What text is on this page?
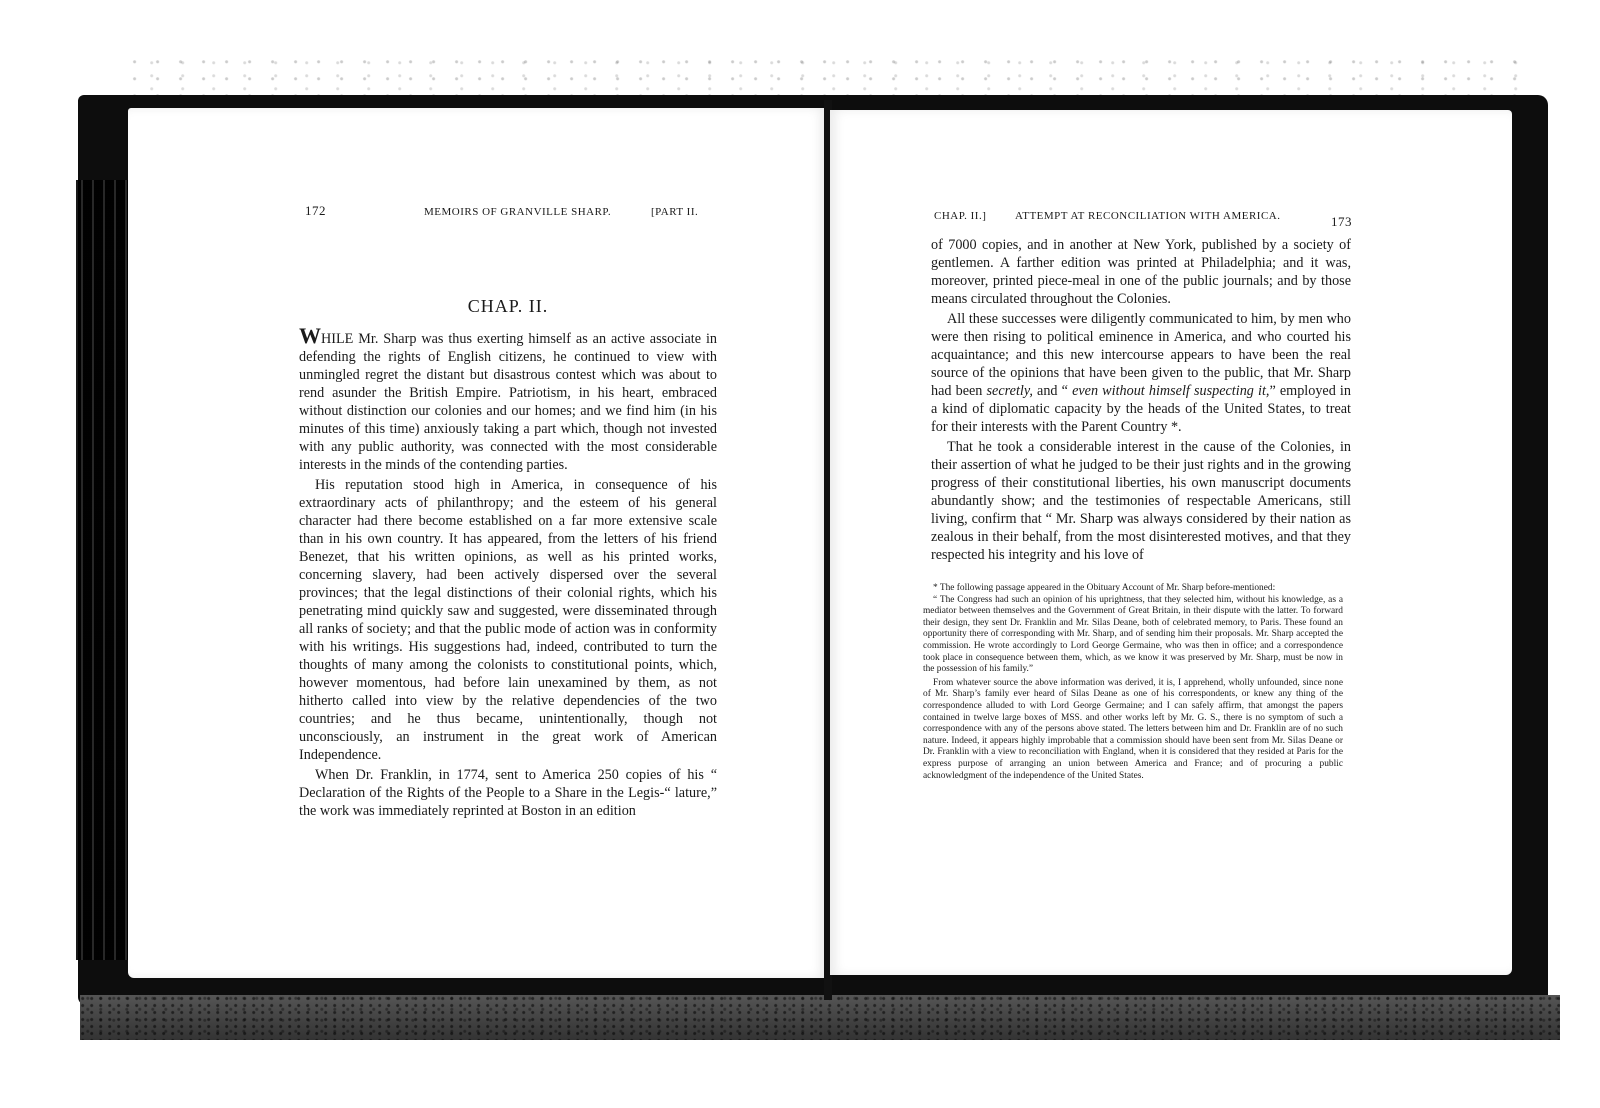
172	MEMOIRS OF GRANVILLE SHARP.	[PART II.
CHAP. II.

WHILE Mr. Sharp was thus exerting himself as an active associate in defending the rights of English citizens, he continued to view with unmingled regret the distant but disastrous contest which was about to rend asunder the British Empire. Patriotism, in his heart, embraced without distinction our colonies and our homes; and we find him (in his minutes of this time) anxiously taking a part which, though not invested with any public authority, was connected with the most considerable interests in the minds of the contending parties.

His reputation stood high in America, in consequence of his extraordinary acts of philanthropy; and the esteem of his general character had there become established on a far more extensive scale than in his own country. It has appeared, from the letters of his friend Benezet, that his written opinions, as well as his printed works, concerning slavery, had been actively dispersed over the several provinces; that the legal distinctions of their colonial rights, which his penetrating mind quickly saw and suggested, were disseminated through all ranks of society; and that the public mode of action was in conformity with his writings. His suggestions had, indeed, contributed to turn the thoughts of many among the colonists to constitutional points, which, however momentous, had before lain unexamined by them, as not hitherto called into view by the relative dependencies of the two countries; and he thus became, unintentionally, though not unconsciously, an instrument in the great work of American Independence.

When Dr. Franklin, in 1774, sent to America 250 copies of his “ Declaration of the Rights of the People to a Share in the Legis-“ lature,” the work was immediately reprinted at Boston in an edition

CHAP. II.]	ATTEMPT AT RECONCILIATION WITH AMERICA.	173

of 7000 copies, and in another at New York, published by a society of gentlemen. A farther edition was printed at Philadelphia; and it was, moreover, printed piece-meal in one of the public journals; and by those means circulated throughout the Colonies.

All these successes were diligently communicated to him, by men who were then rising to political eminence in America, and who courted his acquaintance; and this new intercourse appears to have been the real source of the opinions that have been given to the public, that Mr. Sharp had been secretly, and “ even without himself suspecting it,” employed in a kind of diplomatic capacity by the heads of the United States, to treat for their interests with the Parent Country *.

That he took a considerable interest in the cause of the Colonies, in their assertion of what he judged to be their just rights and in the growing progress of their constitutional liberties, his own manuscript documents abundantly show; and the testimonies of respectable Americans, still living, confirm that “ Mr. Sharp was always considered by their nation as zealous in their behalf, from the most disinterested motives, and that they respected his integrity and his love of

* The following passage appeared in the Obituary Account of Mr. Sharp before-mentioned:

“ The Congress had such an opinion of his uprightness, that they selected him, without his knowledge, as a mediator between themselves and the Government of Great Britain, in their dispute with the latter. To forward their design, they sent Dr. Franklin and Mr. Silas Deane, both of celebrated memory, to Paris. These found an opportunity there of corresponding with Mr. Sharp, and of sending him their proposals. Mr. Sharp accepted the commission. He wrote accordingly to Lord George Germaine, who was then in office; and a correspondence took place in consequence between them, which, as we know it was preserved by Mr. Sharp, must be now in the possession of his family.”

From whatever source the above information was derived, it is, I apprehend, wholly unfounded, since none of Mr. Sharp’s family ever heard of Silas Deane as one of his correspondents, or knew any thing of the correspondence alluded to with Lord George Germaine; and I can safely affirm, that amongst the papers contained in twelve large boxes of MSS. and other works left by Mr. G. S., there is no symptom of such a correspondence with any of the persons above stated. The letters between him and Dr. Franklin are of no such nature. Indeed, it appears highly improbable that a commission should have been sent from Mr. Silas Deane or Dr. Franklin with a view to reconciliation with England, when it is considered that they resided at Paris for the express purpose of arranging an union between America and France; and of procuring a public acknowledgment of the independence of the United States.
